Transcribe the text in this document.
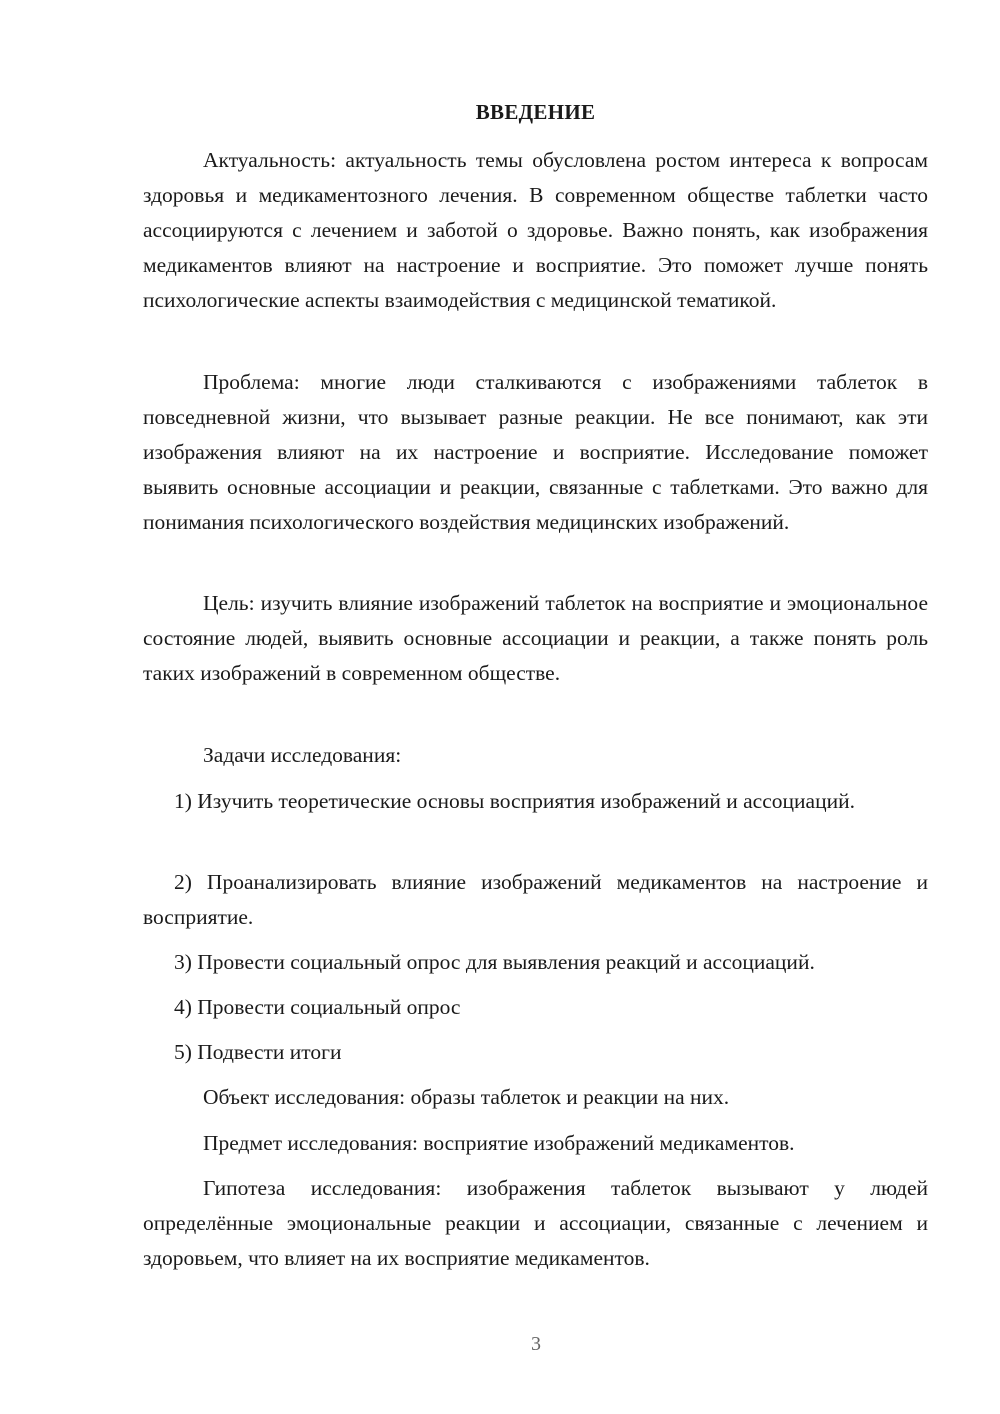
ВВЕДЕНИЕ

Актуальность: актуальность темы обусловлена ростом интереса к вопросам здоровья и медикаментозного лечения. В современном обществе таблетки часто ассоциируются с лечением и заботой о здоровье. Важно понять, как изображения медикаментов влияют на настроение и восприятие. Это поможет лучше понять психологические аспекты взаимодействия с медицинской тематикой.

Проблема: многие люди сталкиваются с изображениями таблеток в повседневной жизни, что вызывает разные реакции. Не все понимают, как эти изображения влияют на их настроение и восприятие. Исследование поможет выявить основные ассоциации и реакции, связанные с таблетками. Это важно для понимания психологического воздействия медицинских изображений.

Цель: изучить влияние изображений таблеток на восприятие и эмоциональное состояние людей, выявить основные ассоциации и реакции, а также понять роль таких изображений в современном обществе.

Задачи исследования:

1) Изучить теоретические основы восприятия изображений и ассоциаций.

2) Проанализировать влияние изображений медикаментов на настроение и восприятие.

3) Провести социальный опрос для выявления реакций и ассоциаций.

4) Провести социальный опрос

5) Подвести итоги

Объект исследования: образы таблеток и реакции на них.

Предмет исследования: восприятие изображений медикаментов.

Гипотеза исследования: изображения таблеток вызывают у людей определённые эмоциональные реакции и ассоциации, связанные с лечением и здоровьем, что влияет на их восприятие медикаментов.

3
